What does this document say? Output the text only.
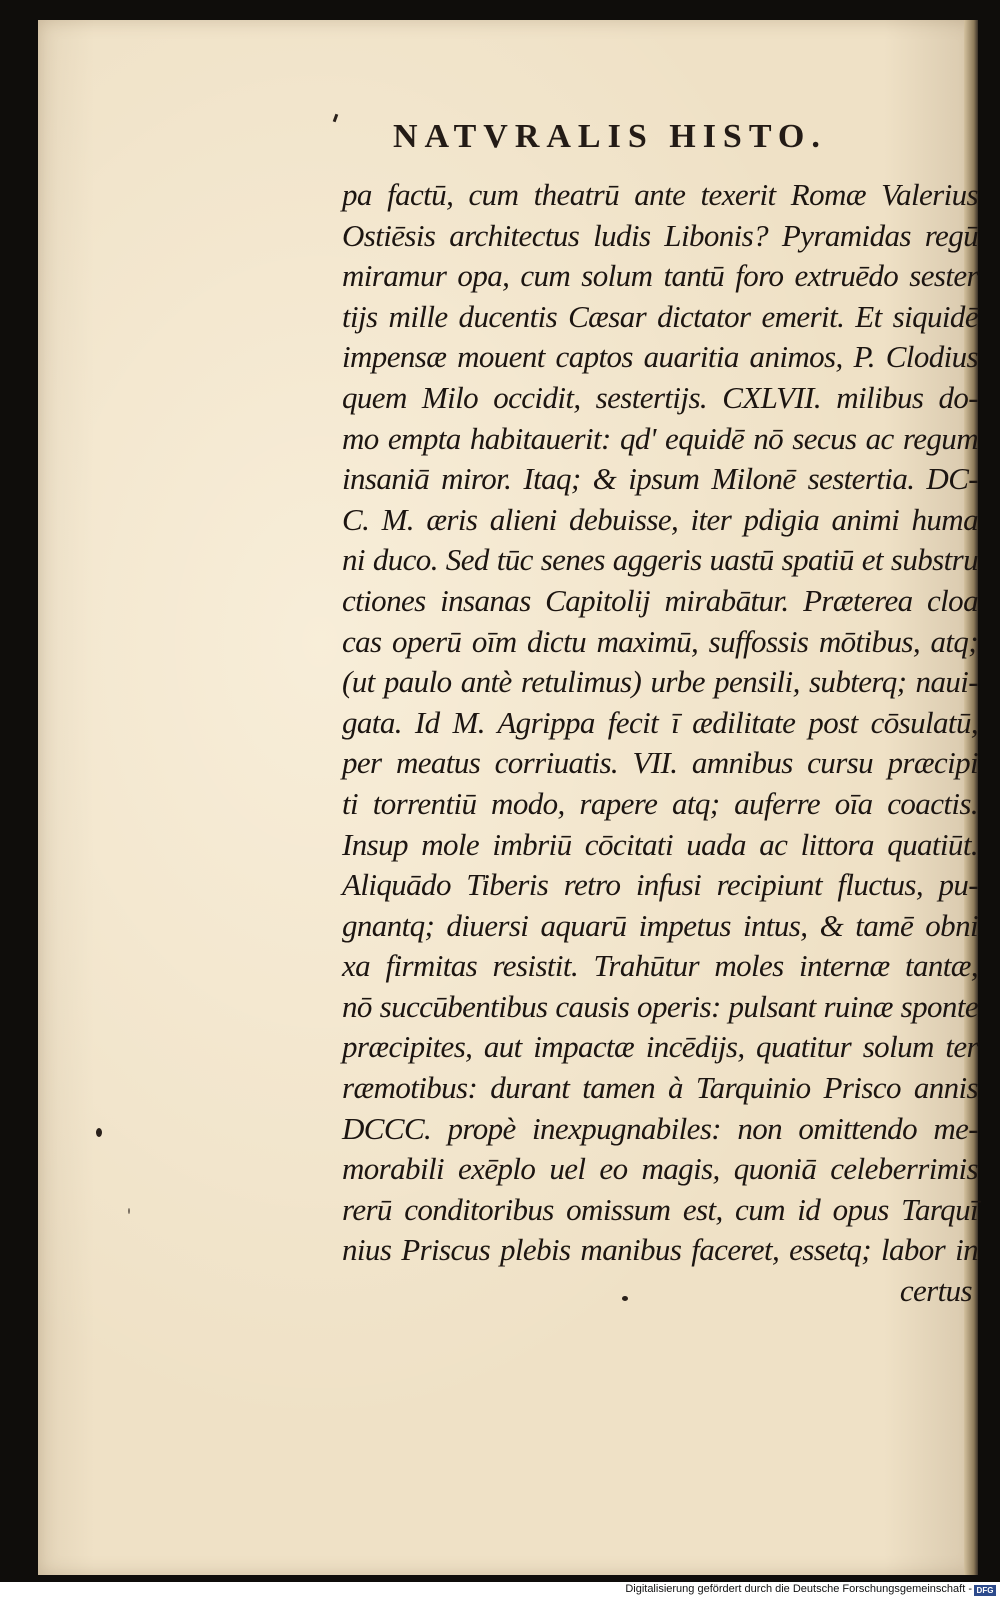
NATVRALIS HISTO.
pa factū, cum theatrū ante texerit Romæ Valerius
Ostiēsis architectus ludis Libonis? Pyramidas regū
miramur opa, cum solum tantū foro extruēdo sester
tijs mille ducentis Cæsar dictator emerit. Et siquidē
impensæ mouent captos auaritia animos, P. Clodius
quem Milo occidit, sestertijs. CXLVII. milibus do-
mo empta habitauerit: qd' equidē nō secus ac regum
insaniā miror. Itaq; & ipsum Milonē sestertia. DC-
C. M. æris alieni debuisse, iter pdigia animi huma
ni duco. Sed tūc senes aggeris uastū spatiū et substru
ctiones insanas Capitolij mirabātur. Præterea cloa
cas operū oīm dictu maximū, suffossis mōtibus, atq;
(ut paulo antè retulimus) urbe pensili, subterq; naui-
gata. Id M. Agrippa fecit ī ædilitate post cōsulatū,
per meatus corriuatis. VII. amnibus cursu præcipi
ti torrentiū modo, rapere atq; auferre oīa coactis.
Insup mole imbriū cōcitati uada ac littora quatiūt.
Aliquādo Tiberis retro infusi recipiunt fluctus, pu-
gnantq; diuersi aquarū impetus intus, & tamē obni
xa firmitas resistit. Trahūtur moles internæ tantæ,
nō succūbentibus causis operis: pulsant ruinæ sponte
præcipites, aut impactæ incēdijs, quatitur solum ter
ræmotibus: durant tamen à Tarquinio Prisco annis
DCCC. propè inexpugnabiles: non omittendo me-
morabili exēplo uel eo magis, quoniā celeberrimis
rerū conditoribus omissum est, cum id opus Tarquī
nius Priscus plebis manibus faceret, essetq; labor in
certus
Digitalisierung gefördert durch die Deutsche Forschungsgemeinschaft - DFG
